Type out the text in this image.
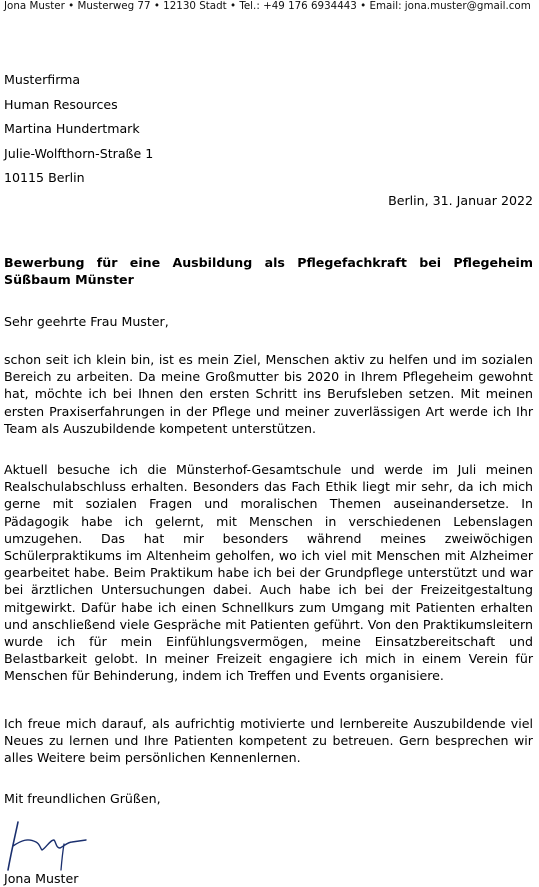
Jona Muster • Musterweg 77 • 12130 Stadt • Tel.: +49 176 6934443 • Email: jona.muster@gmail.com
Musterfirma
Human Resources
Martina Hundertmark
Julie-Wolfthorn-Straße 1
10115 Berlin
Berlin, 31. Januar 2022
Bewerbung für eine Ausbildung als Pflegefachkraft bei Pflegeheim Süßbaum Münster
Sehr geehrte Frau Muster,
schon seit ich klein bin, ist es mein Ziel, Menschen aktiv zu helfen und im sozialen Bereich zu arbeiten. Da meine Großmutter bis 2020 in Ihrem Pflegeheim gewohnt hat, möchte ich bei Ihnen den ersten Schritt ins Berufsleben setzen. Mit meinen ersten Praxiserfahrungen in der Pflege und meiner zuverlässigen Art werde ich Ihr Team als Auszubildende kompetent unterstützen.
Aktuell besuche ich die Münsterhof-Gesamtschule und werde im Juli meinen Realschulabschluss erhalten. Besonders das Fach Ethik liegt mir sehr, da ich mich gerne mit sozialen Fragen und moralischen Themen auseinandersetze. In Pädagogik habe ich gelernt, mit Menschen in verschiedenen Lebenslagen umzugehen. Das hat mir besonders während meines zweiwöchigen Schülerpraktikums im Altenheim geholfen, wo ich viel mit Menschen mit Alzheimer gearbeitet habe. Beim Praktikum habe ich bei der Grundpflege unterstützt und war bei ärztlichen Untersuchungen dabei. Auch habe ich bei der Freizeitgestaltung mitgewirkt. Dafür habe ich einen Schnellkurs zum Umgang mit Patienten erhalten und anschließend viele Gespräche mit Patienten geführt. Von den Praktikumsleitern wurde ich für mein Einfühlungsvermögen, meine Einsatzbereitschaft und Belastbarkeit gelobt. In meiner Freizeit engagiere ich mich in einem Verein für Menschen für Behinderung, indem ich Treffen und Events organisiere.
Ich freue mich darauf, als aufrichtig motivierte und lernbereite Auszubildende viel Neues zu lernen und Ihre Patienten kompetent zu betreuen. Gern besprechen wir alles Weitere beim persönlichen Kennenlernen.
Mit freundlichen Grüßen,
Jona Muster
